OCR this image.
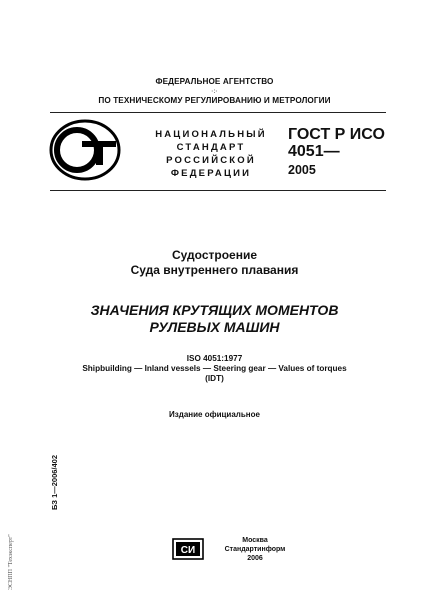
ФЕДЕРАЛЬНОЕ АГЕНТСТВО
·:·
ПО ТЕХНИЧЕСКОМУ РЕГУЛИРОВАНИЮ И МЕТРОЛОГИИ
НАЦИОНАЛЬНЫЙ
СТАНДАРТ
РОССИЙСКОЙ
ФЕДЕРАЦИИ
ГОСТ Р ИСО
4051—
2005
Судостроение
Суда внутреннего плавания
ЗНАЧЕНИЯ КРУТЯЩИХ МОМЕНТОВ
РУЛЕВЫХ МАШИН
ISO 4051:1977
Shipbuilding — Inland vessels — Steering gear — Values of torques
(IDT)
Издание официальное
БЗ 1—2006/402
ЭСНПП "Техэксперт"	СИ
Москва
Стандартинформ
2006
